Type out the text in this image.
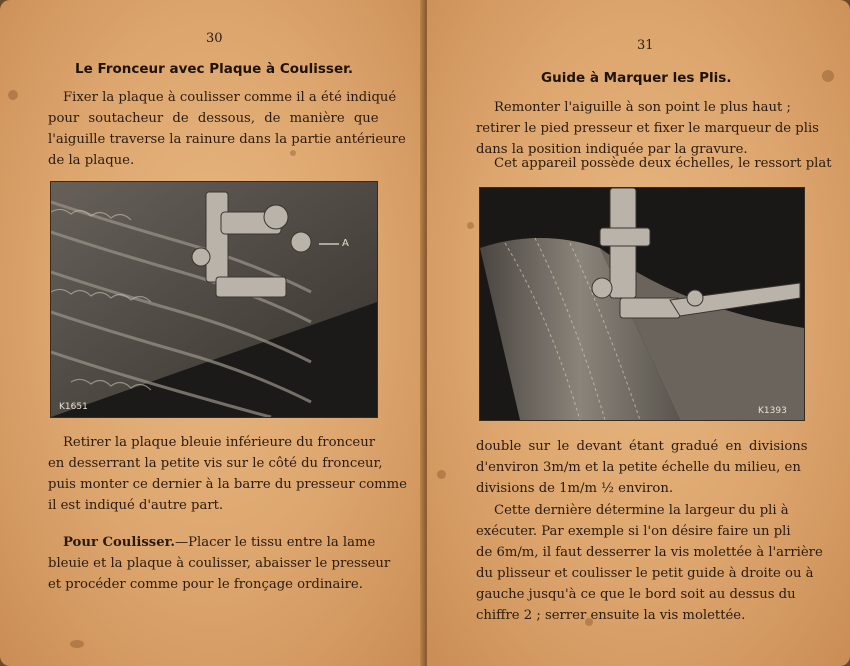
30
Le Fronceur avec Plaque à Coulisser.
Fixer la plaque à coulisser comme il a été indiqué
pour soutacheur de dessous, de manière que
l'aiguille traverse la rainure dans la partie antérieure
de la plaque.
A
K1651
Retirer la plaque bleuie inférieure du fronceur
en desserrant la petite vis sur le côté du fronceur,
puis monter ce dernier à la barre du presseur comme
il est indiqué d'autre part.
Pour Coulisser.—Placer le tissu entre la lame
bleuie et la plaque à coulisser, abaisser le presseur
et procéder comme pour le fronçage ordinaire.
31
Guide à Marquer les Plis.
Remonter l'aiguille à son point le plus haut ;
retirer le pied presseur et fixer le marqueur de plis
dans la position indiquée par la gravure.
Cet appareil possède deux échelles, le ressort plat
K1393
double sur le devant étant gradué en divisions
d'environ 3m/m et la petite échelle du milieu, en
divisions de 1m/m ½ environ.
Cette dernière détermine la largeur du pli à
exécuter. Par exemple si l'on désire faire un pli
de 6m/m, il faut desserrer la vis molettée à l'arrière
du plisseur et coulisser le petit guide à droite ou à
gauche jusqu'à ce que le bord soit au dessus du
chiffre 2 ; serrer ensuite la vis molettée.
